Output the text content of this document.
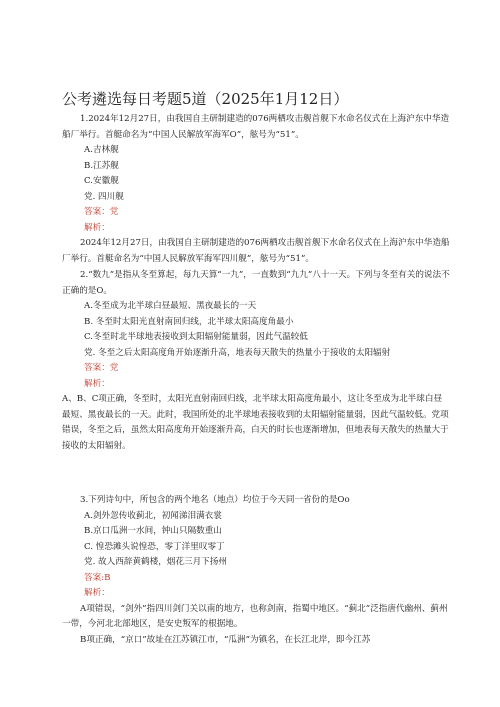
公考遴选每日考题5道（2025年1月12日）

1.2024年12月27日，由我国自主研制建造的076两栖攻击舰首舰下水命名仪式在上海沪东中华造船厂举行。首艇命名为“中国人民解放军海军O”，舷号为“51”。

A.吉林舰

B.江苏舰

C.安徽舰

党. 四川舰

答案：党

解析：

2024年12月27日，由我国自主研制建造的076两栖攻击舰首舰下水命名仪式在上海沪东中华造船厂举行。首艇命名为“中国人民解放军海军四川舰”，舷号为“51”。

2.“数九”是指从冬至算起，每九天算“一九”，一直数到“九九”八十一天。下列与冬至有关的说法不正确的是O。

A.冬至成为北半球白昼最短、黑夜最长的一天

B. 冬至时太阳光直射南回归线，北半球太阳高度角最小

C.冬至时北半球地表接收到太阳辐射能量弱，因此气温较低

党. 冬至之后太阳高度角开始逐渐升高，地表每天散失的热量小于接收的太阳辐射

答案：党

解析：

A、B、C项正确，冬至时，太阳光直射南回归线，北半球太阳高度角最小，这让冬至成为北半球白昼最短、黑夜最长的一天。此时，我国所处的北半球地表接收到的太阳辐射能量弱，因此气温较低。党项错误，冬至之后，虽然太阳高度角开始逐渐升高，白天的时长也逐渐增加，但地表每天散失的热量大于接收的太阳辐射。

3.下列诗句中，所包含的两个地名（地点）均位于今天同一省份的是Oo

A.剑外忽传收蓟北，初闻涕泪满衣裳

B.京口瓜洲一水间，钟山只隔数重山

C. 惶恐滩头说惶恐，零丁洋里叹零丁

党. 故人西辞黄鹤楼，烟花三月下扬州

答案:B

解析：

A项错误，“剑外”指四川剑门关以南的地方，也称剑南，指蜀中地区。“蓟北”泛指唐代幽州、蓟州一带，今河北北部地区，是安史叛军的根据地。

B项正确，“京口”故址在江苏镇江市，“瓜洲”为镇名，在长江北岸，即今江苏
